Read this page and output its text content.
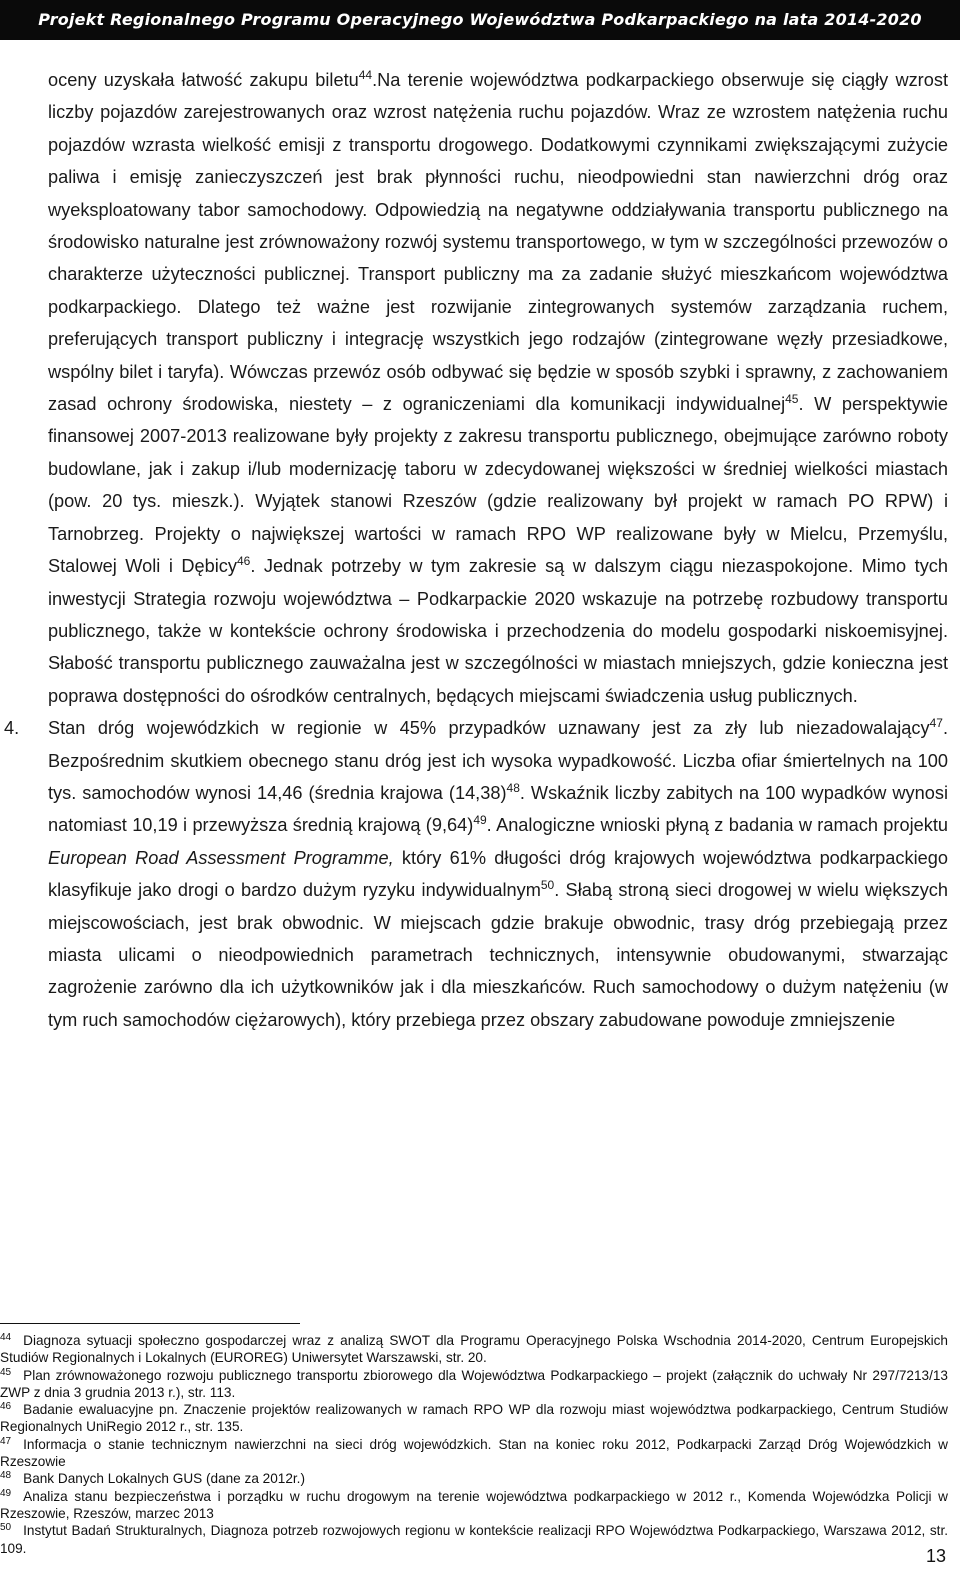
Projekt Regionalnego Programu Operacyjnego Województwa Podkarpackiego na lata 2014-2020

oceny uzyskała łatwość zakupu biletu$^{44}$.Na terenie województwa podkarpackiego obserwuje się ciągły wzrost liczby pojazdów zarejestrowanych oraz wzrost natężenia ruchu pojazdów. Wraz ze wzrostem natężenia ruchu pojazdów wzrasta wielkość emisji z transportu drogowego. Dodatkowymi czynnikami zwiększającymi zużycie paliwa i emisję zanieczyszczeń jest brak płynności ruchu, nieodpowiedni stan nawierzchni dróg oraz wyeksploatowany tabor samochodowy. Odpowiedzią na negatywne oddziaływania transportu publicznego na środowisko naturalne jest zrównoważony rozwój systemu transportowego, w tym w szczególności przewozów o charakterze użyteczności publicznej. Transport publiczny ma za zadanie służyć mieszkańcom województwa podkarpackiego. Dlatego też ważne jest rozwijanie zintegrowanych systemów zarządzania ruchem, preferujących transport publiczny i integrację wszystkich jego rodzajów (zintegrowane węzły przesiadkowe, wspólny bilet i taryfa). Wówczas przewóz osób odbywać się będzie w sposób szybki i sprawny, z zachowaniem zasad ochrony środowiska, niestety – z ograniczeniami dla komunikacji indywidualnej$^{45}$. W perspektywie finansowej 2007-2013 realizowane były projekty z zakresu transportu publicznego, obejmujące zarówno roboty budowlane, jak i zakup i/lub modernizację taboru w zdecydowanej większości w średniej wielkości miastach (pow. 20 tys. mieszk.). Wyjątek stanowi Rzeszów (gdzie realizowany był projekt w ramach PO RPW) i Tarnobrzeg. Projekty o największej wartości w ramach RPO WP realizowane były w Mielcu, Przemyślu, Stalowej Woli i Dębicy$^{46}$. Jednak potrzeby w tym zakresie są w dalszym ciągu niezaspokojone. Mimo tych inwestycji Strategia rozwoju województwa – Podkarpackie 2020 wskazuje na potrzebę rozbudowy transportu publicznego, także w kontekście ochrony środowiska i przechodzenia do modelu gospodarki niskoemisyjnej. Słabość transportu publicznego zauważalna jest w szczególności w miastach mniejszych, gdzie konieczna jest poprawa dostępności do ośrodków centralnych, będących miejscami świadczenia usług publicznych.

4. Stan dróg wojewódzkich w regionie w 45% przypadków uznawany jest za zły lub niezadowalający$^{47}$. Bezpośrednim skutkiem obecnego stanu dróg jest ich wysoka wypadkowość. Liczba ofiar śmiertelnych na 100 tys. samochodów wynosi 14,46 (średnia krajowa $(14,38)^{48}$. Wskaźnik liczby zabitych na 100 wypadków wynosi natomiast 10,19 i przewyższa średnią krajową $(9,64)^{49}$. Analogiczne wnioski płyną z badania w ramach projektu European Road Assessment Programme, który 61% długości dróg krajowych województwa podkarpackiego klasyfikuje jako drogi o bardzo dużym ryzyku indywidualnym$^{50}$. Słabą stroną sieci drogowej w wielu większych miejscowościach, jest brak obwodnic. W miejscach gdzie brakuje obwodnic, trasy dróg przebiegają przez miasta ulicami o nieodpowiednich parametrach technicznych, intensywnie obudowanymi, stwarzając zagrożenie zarówno dla ich użytkowników jak i dla mieszkańców. Ruch samochodowy o dużym natężeniu (w tym ruch samochodów ciężarowych), który przebiega przez obszary zabudowane powoduje zmniejszenie

$^{44}$ Diagnoza sytuacji społeczno gospodarczej wraz z analizą SWOT dla Programu Operacyjnego Polska Wschodnia 2014-2020, Centrum Europejskich Studiów Regionalnych i Lokalnych (EUROREG) Uniwersytet Warszawski, str. 20.

$^{45}$ Plan zrównoważonego rozwoju publicznego transportu zbiorowego dla Województwa Podkarpackiego – projekt (załącznik do uchwały Nr 297/7213/13 ZWP z dnia 3 grudnia 2013 r.), str. 113.

$^{46}$ Badanie ewaluacyjne pn. Znaczenie projektów realizowanych w ramach RPO WP dla rozwoju miast województwa podkarpackiego, Centrum Studiów Regionalnych UniRegio 2012 r., str. 135.

$^{47}$ Informacja o stanie technicznym nawierzchni na sieci dróg wojewódzkich. Stan na koniec roku 2012, Podkarpacki Zarząd Dróg Wojewódzkich w Rzeszowie

$^{48}$ Bank Danych Lokalnych GUS (dane za 2012r.)

$^{49}$ Analiza stanu bezpieczeństwa i porządku w ruchu drogowym na terenie województwa podkarpackiego w 2012 r., Komenda Wojewódzka Policji w Rzeszowie, Rzeszów, marzec 2013

$^{50}$ Instytut Badań Strukturalnych, Diagnoza potrzeb rozwojowych regionu w kontekście realizacji RPO Województwa Podkarpackiego, Warszawa 2012, str. 109.	13
